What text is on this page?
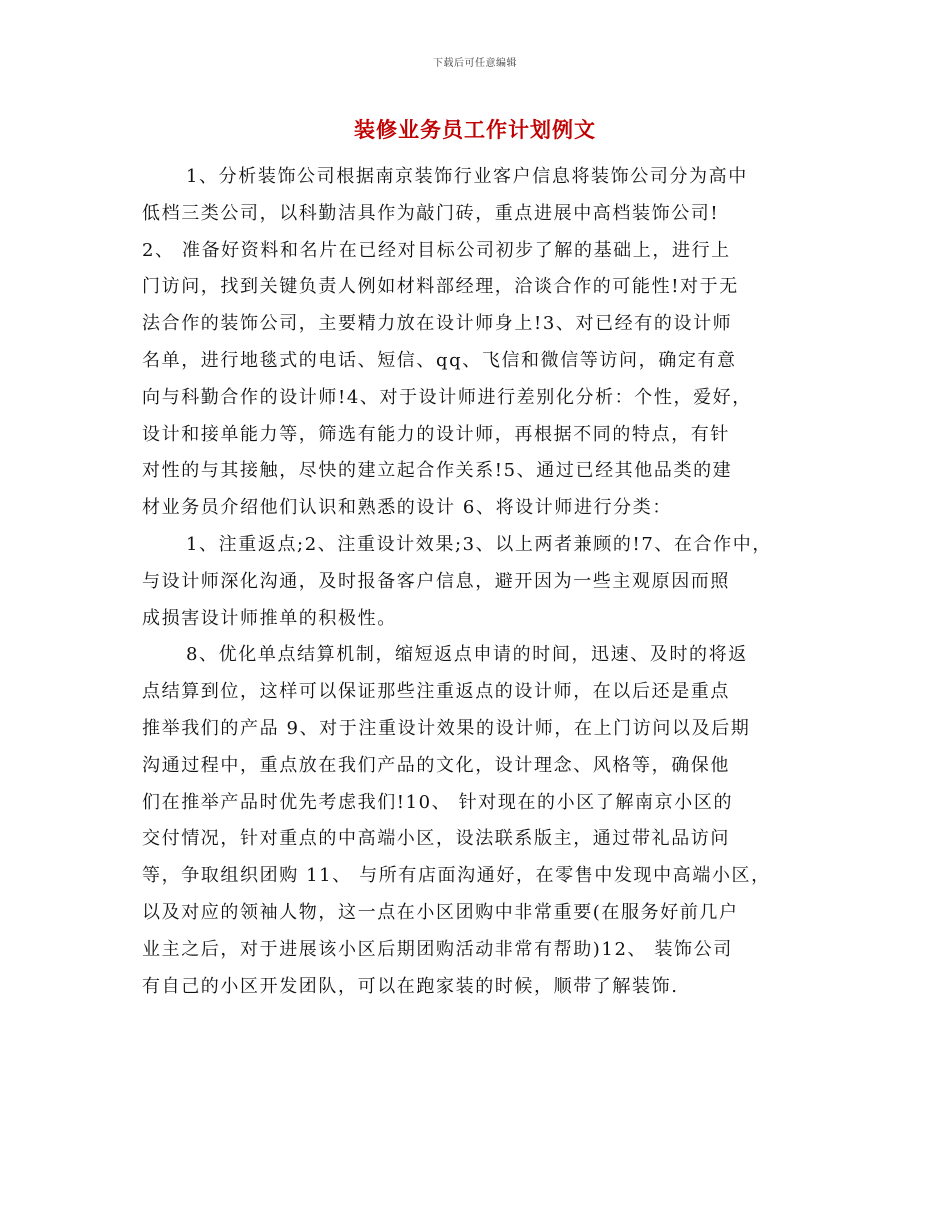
下载后可任意编辑
装修业务员工作计划例文
1、分析装饰公司根据南京装饰行业客户信息将装饰公司分为高中
低档三类公司，以科勤洁具作为敲门砖，重点进展中高档装饰公司!
2、 准备好资料和名片在已经对目标公司初步了解的基础上，进行上
门访问，找到关键负责人例如材料部经理，洽谈合作的可能性!对于无
法合作的装饰公司，主要精力放在设计师身上!3、对已经有的设计师
名单，进行地毯式的电话、短信、qq、飞信和微信等访问，确定有意
向与科勤合作的设计师!4、对于设计师进行差别化分析：个性，爱好，
设计和接单能力等，筛选有能力的设计师，再根据不同的特点，有针
对性的与其接触，尽快的建立起合作关系!5、通过已经其他品类的建
材业务员介绍他们认识和熟悉的设计 6、将设计师进行分类：
1、注重返点;2、注重设计效果;3、以上两者兼顾的!7、在合作中，
与设计师深化沟通，及时报备客户信息，避开因为一些主观原因而照
成损害设计师推单的积极性。
8、优化单点结算机制，缩短返点申请的时间，迅速、及时的将返
点结算到位，这样可以保证那些注重返点的设计师，在以后还是重点
推举我们的产品 9、对于注重设计效果的设计师，在上门访问以及后期
沟通过程中，重点放在我们产品的文化，设计理念、风格等，确保他
们在推举产品时优先考虑我们!10、 针对现在的小区了解南京小区的
交付情况，针对重点的中高端小区，设法联系版主，通过带礼品访问
等，争取组织团购 11、 与所有店面沟通好，在零售中发现中高端小区，
以及对应的领袖人物，这一点在小区团购中非常重要(在服务好前几户
业主之后，对于进展该小区后期团购活动非常有帮助)12、 装饰公司
有自己的小区开发团队，可以在跑家装的时候，顺带了解装饰.
